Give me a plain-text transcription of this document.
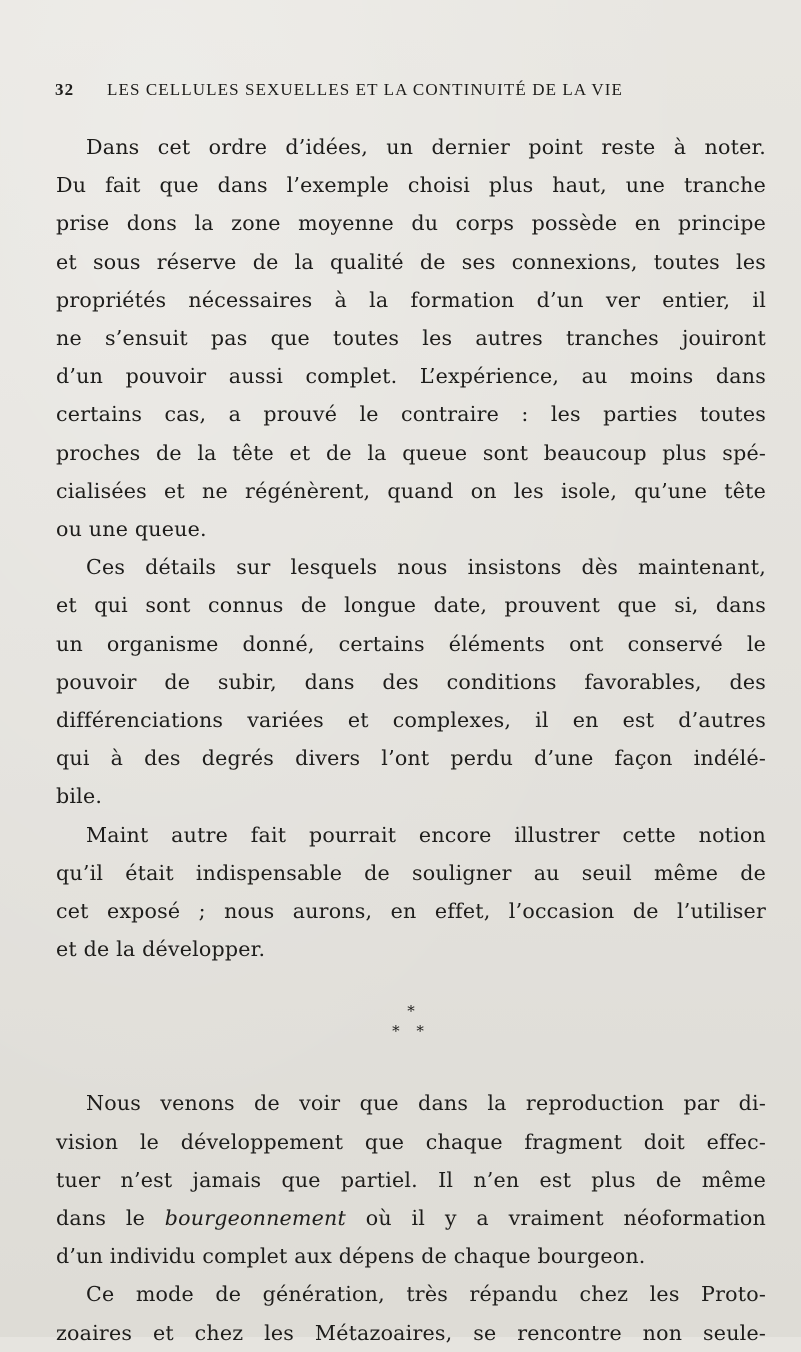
32 LES CELLULES SEXUELLES ET LA CONTINUITÉ DE LA VIE

Dans cet ordre d’idées, un dernier point reste à noter.

Du fait que dans l’exemple choisi plus haut, une tranche

prise dons la zone moyenne du corps possède en principe

et sous réserve de la qualité de ses connexions, toutes les

propriétés nécessaires à la formation d’un ver entier, il

ne s’ensuit pas que toutes les autres tranches jouiront

d’un pouvoir aussi complet. L’expérience, au moins dans

certains cas, a prouvé le contraire : les parties toutes

proches de la tête et de la queue sont beaucoup plus spé-

cialisées et ne régénèrent, quand on les isole, qu’une tête

ou une queue.

Ces détails sur lesquels nous insistons dès maintenant,

et qui sont connus de longue date, prouvent que si, dans

un organisme donné, certains éléments ont conservé le

pouvoir de subir, dans des conditions favorables, des

différenciations variées et complexes, il en est d’autres

qui à des degrés divers l’ont perdu d’une façon indélé-

bile.

Maint autre fait pourrait encore illustrer cette notion

qu’il était indispensable de souligner au seuil même de

cet exposé ; nous aurons, en effet, l’occasion de l’utiliser

et de la développer.

*
* *

Nous venons de voir que dans la reproduction par di-

vision le développement que chaque fragment doit effec-

tuer n’est jamais que partiel. Il n’en est plus de même

dans le bourgeonnement où il y a vraiment néoformation

d’un individu complet aux dépens de chaque bourgeon.

Ce mode de génération, très répandu chez les Proto-

zoaires et chez les Métazoaires, se rencontre non seule-
